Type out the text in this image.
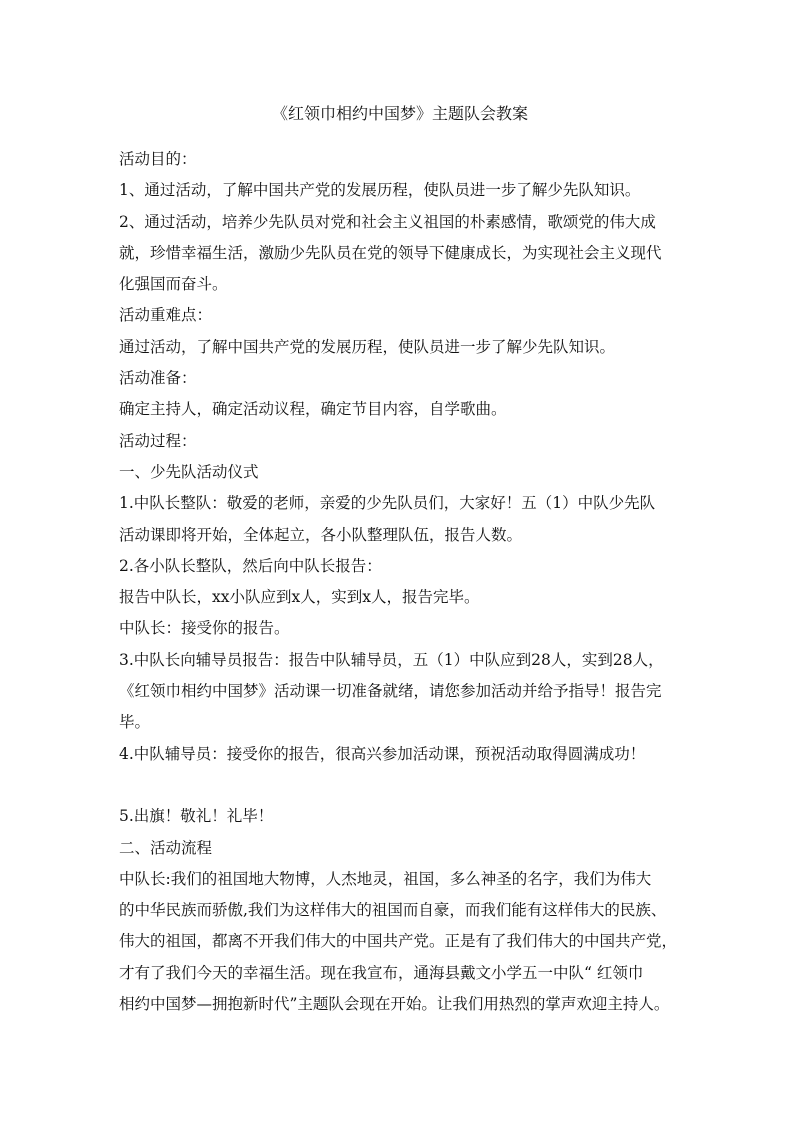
《红领巾相约中国梦》主题队会教案

活动目的：

1、通过活动，了解中国共产党的发展历程，使队员进一步了解少先队知识。

2、通过活动，培养少先队员对党和社会主义祖国的朴素感情，歌颂党的伟大成

就，珍惜幸福生活，激励少先队员在党的领导下健康成长，为实现社会主义现代

化强国而奋斗。

活动重难点：

通过活动，了解中国共产党的发展历程，使队员进一步了解少先队知识。

活动准备：

确定主持人，确定活动议程，确定节目内容，自学歌曲。

活动过程：

一、少先队活动仪式

1.中队长整队：敬爱的老师，亲爱的少先队员们，大家好！五（1）中队少先队

活动课即将开始，全体起立，各小队整理队伍，报告人数。

2.各小队长整队，然后向中队长报告：

报告中队长，xx小队应到x人，实到x人，报告完毕。

中队长：接受你的报告。

3.中队长向辅导员报告：报告中队辅导员，五（1）中队应到28人，实到28人，

《红领巾相约中国梦》活动课一切准备就绪，请您参加活动并给予指导！报告完

毕。

4.中队辅导员：接受你的报告，很高兴参加活动课，预祝活动取得圆满成功！

5.出旗！敬礼！礼毕！

二、活动流程

中队长:我们的祖国地大物博，人杰地灵，祖国，多么神圣的名字，我们为伟大

的中华民族而骄傲,我们为这样伟大的祖国而自豪，而我们能有这样伟大的民族、

伟大的祖国，都离不开我们伟大的中国共产党。正是有了我们伟大的中国共产党，

才有了我们今天的幸福生活。现在我宣布，通海县戴文小学五一中队“ 红领巾

相约中国梦—拥抱新时代”主题队会现在开始。让我们用热烈的掌声欢迎主持人。
